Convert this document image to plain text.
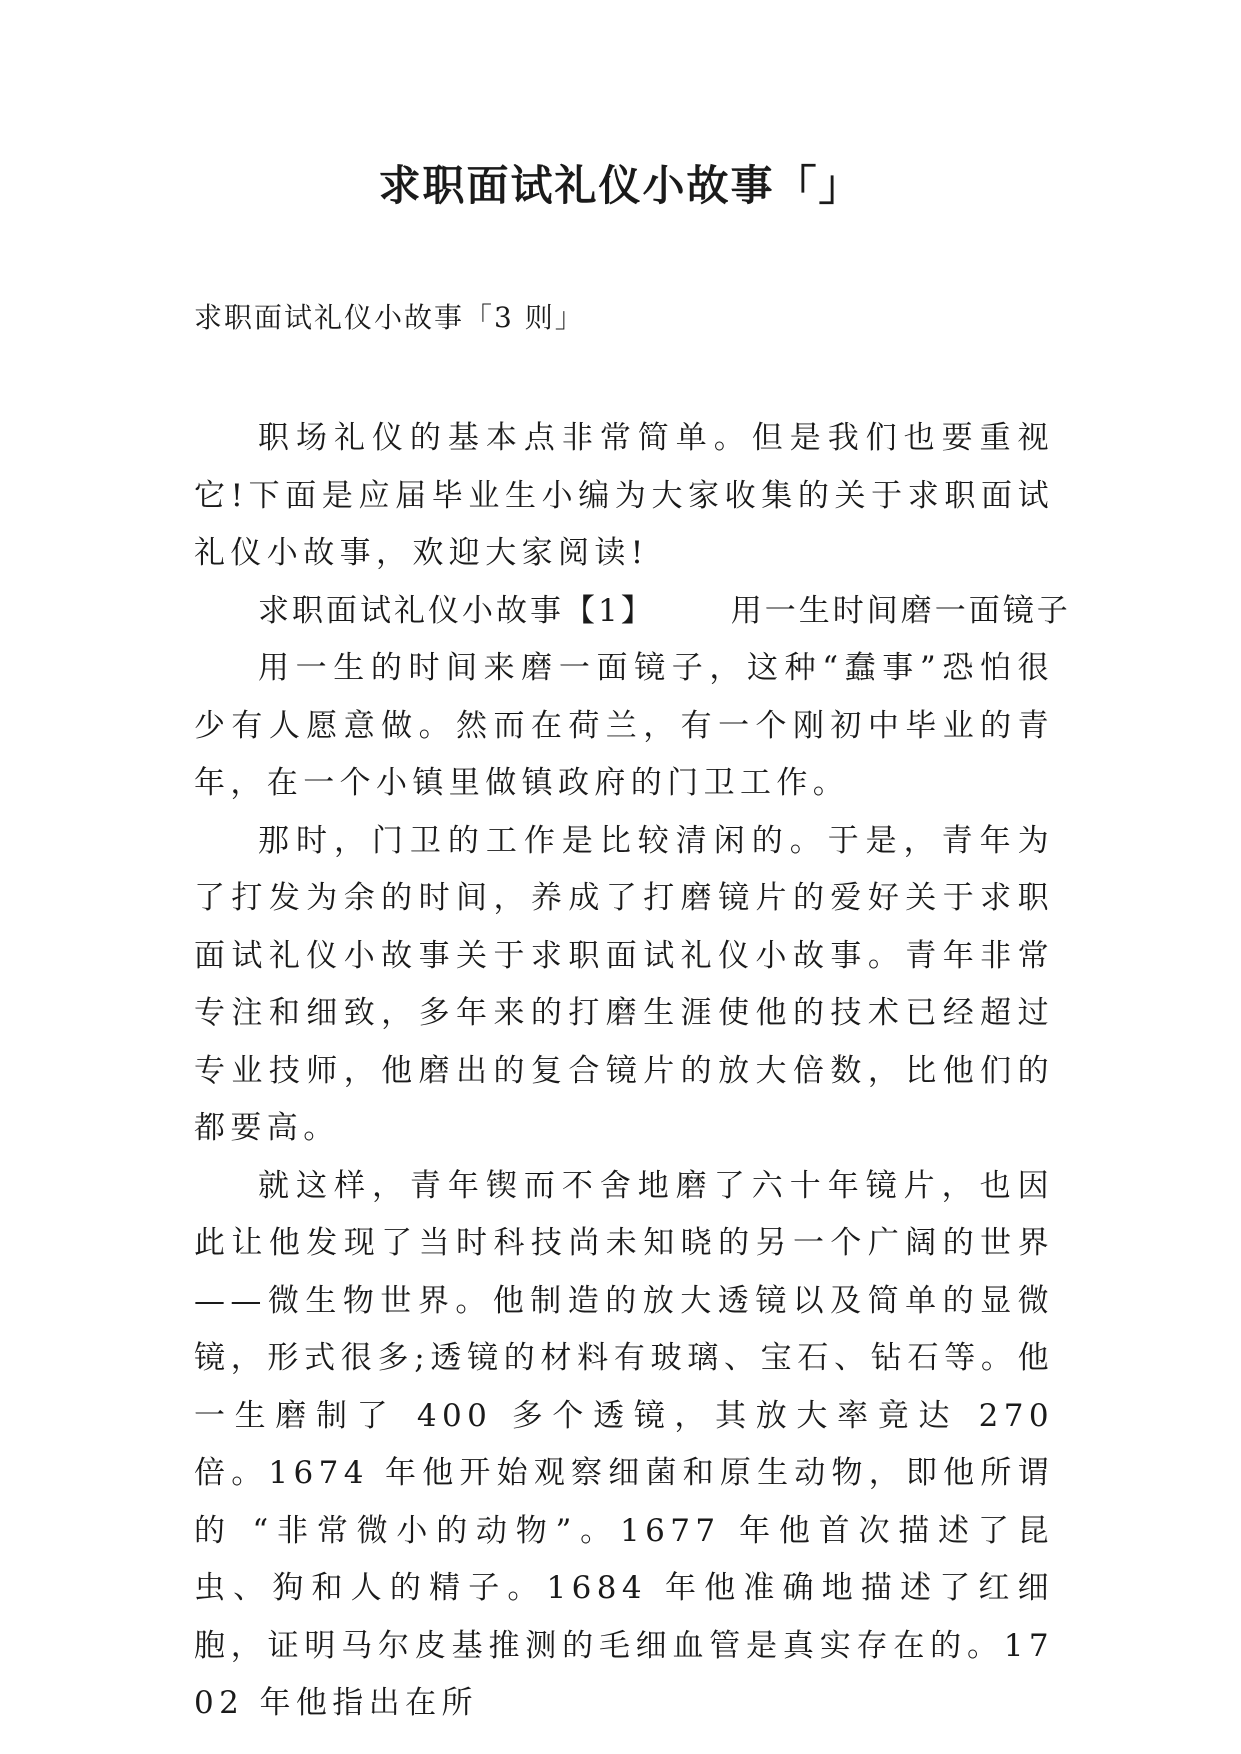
求职面试礼仪小故事「」

求职面试礼仪小故事「3 则」

职场礼仪的基本点非常简单。但是我们也要重视它!下面是应届毕业生小编为大家收集的关于求职面试礼仪小故事，欢迎大家阅读!

求职面试礼仪小故事【1】 用一生时间磨一面镜子

用一生的时间来磨一面镜子，这种“蠢事”恐怕很少有人愿意做。然而在荷兰，有一个刚初中毕业的青年，在一个小镇里做镇政府的门卫工作。

那时，门卫的工作是比较清闲的。于是，青年为了打发为余的时间，养成了打磨镜片的爱好关于求职面试礼仪小故事关于求职面试礼仪小故事。青年非常专注和细致，多年来的打磨生涯使他的技术已经超过专业技师，他磨出的复合镜片的放大倍数，比他们的都要高。

就这样，青年锲而不舍地磨了六十年镜片，也因此让他发现了当时科技尚未知晓的另一个广阔的世界——微生物世界。他制造的放大透镜以及简单的显微镜，形式很多;透镜的材料有玻璃、宝石、钻石等。他一生磨制了 400 多个透镜，其放大率竟达 270 倍。1674 年他开始观察细菌和原生动物，即他所谓的 “非常微小的动物”。1677 年他首次描述了昆虫、狗和人的精子。1684 年他准确地描述了红细胞，证明马尔皮基推测的毛细血管是真实存在的。1702 年他指出在所
